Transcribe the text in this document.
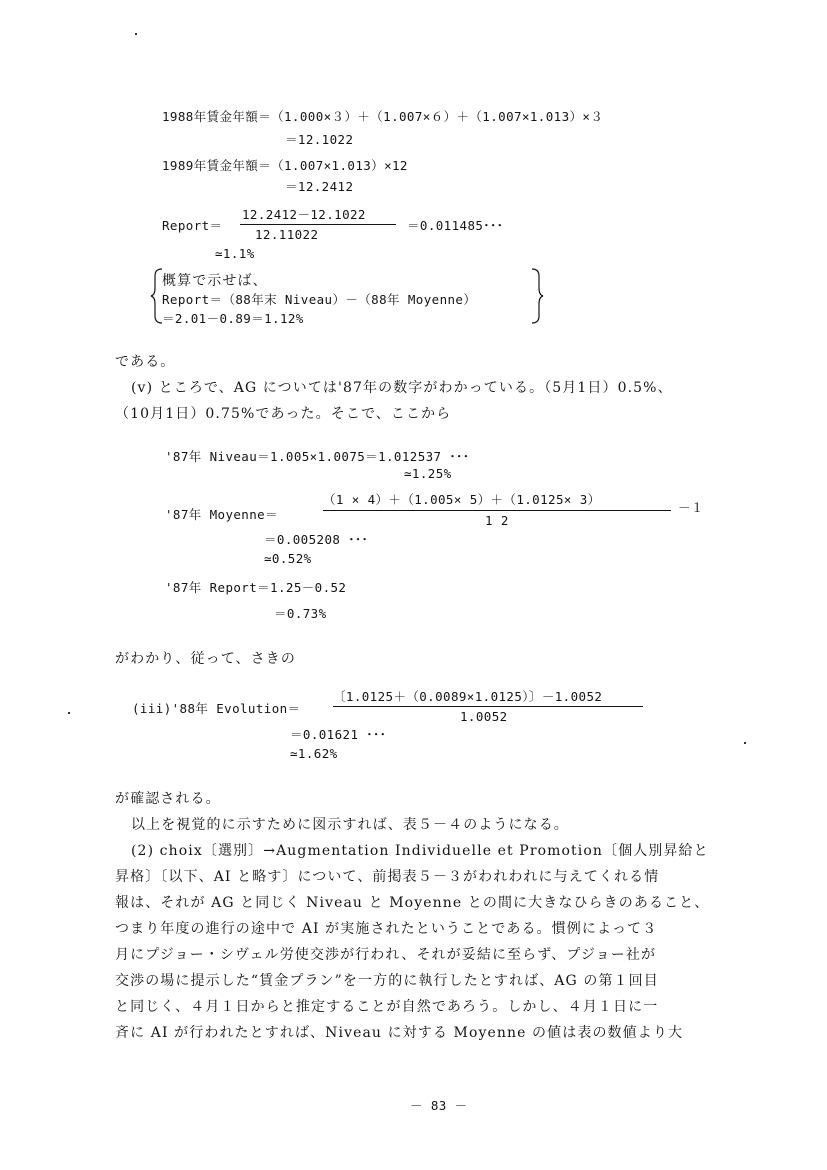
1988年賃金年額＝（1.000×３）＋（1.007×６）＋（1.007×1.013）×３
＝12.1022
1989年賃金年額＝（1.007×1.013）×12
＝12.2412
Report＝
12.2412－12.1022
12.11022
＝0.011485･･･
≃1.1%
概算で示せば、
Report＝（88年末 Niveau）－（88年 Moyenne）
＝2.01－0.89＝1.12%
である。
(v) ところで、AG については'87年の数字がわかっている。（5月1日）0.5%、
（10月1日）0.75%であった。そこで、ここから
'87年 Niveau＝1.005×1.0075＝1.012537 ･･･
≃1.25%
'87年 Moyenne＝
（1 × 4）＋（1.005× 5）＋（1.0125× 3）
1 2
－１
＝0.005208 ･･･
≃0.52%
'87年 Report＝1.25－0.52
＝0.73%
がわかり、従って、さきの
(iii)'88年 Evolution＝
〔1.0125＋（0.0089×1.0125）〕－1.0052
1.0052
＝0.01621 ･･･
≃1.62%
が確認される。
以上を視覚的に示すために図示すれば、表５－４のようになる。
(2) choix〔選別〕→Augmentation Individuelle et Promotion〔個人別昇給と
昇格〕〔以下、AI と略す〕について、前掲表５－３がわれわれに与えてくれる情
報は、それが AG と同じく Niveau と Moyenne との間に大きなひらきのあること、
つまり年度の進行の途中で AI が実施されたということである。慣例によって３
月にプジョー・シヴェル労使交渉が行われ、それが妥結に至らず、プジョー社が
交渉の場に提示した“賃金プラン”を一方的に執行したとすれば、AG の第１回目
と同じく、４月１日からと推定することが自然であろう。しかし、４月１日に一
斉に AI が行われたとすれば、Niveau に対する Moyenne の値は表の数値より大
－ 83 －
